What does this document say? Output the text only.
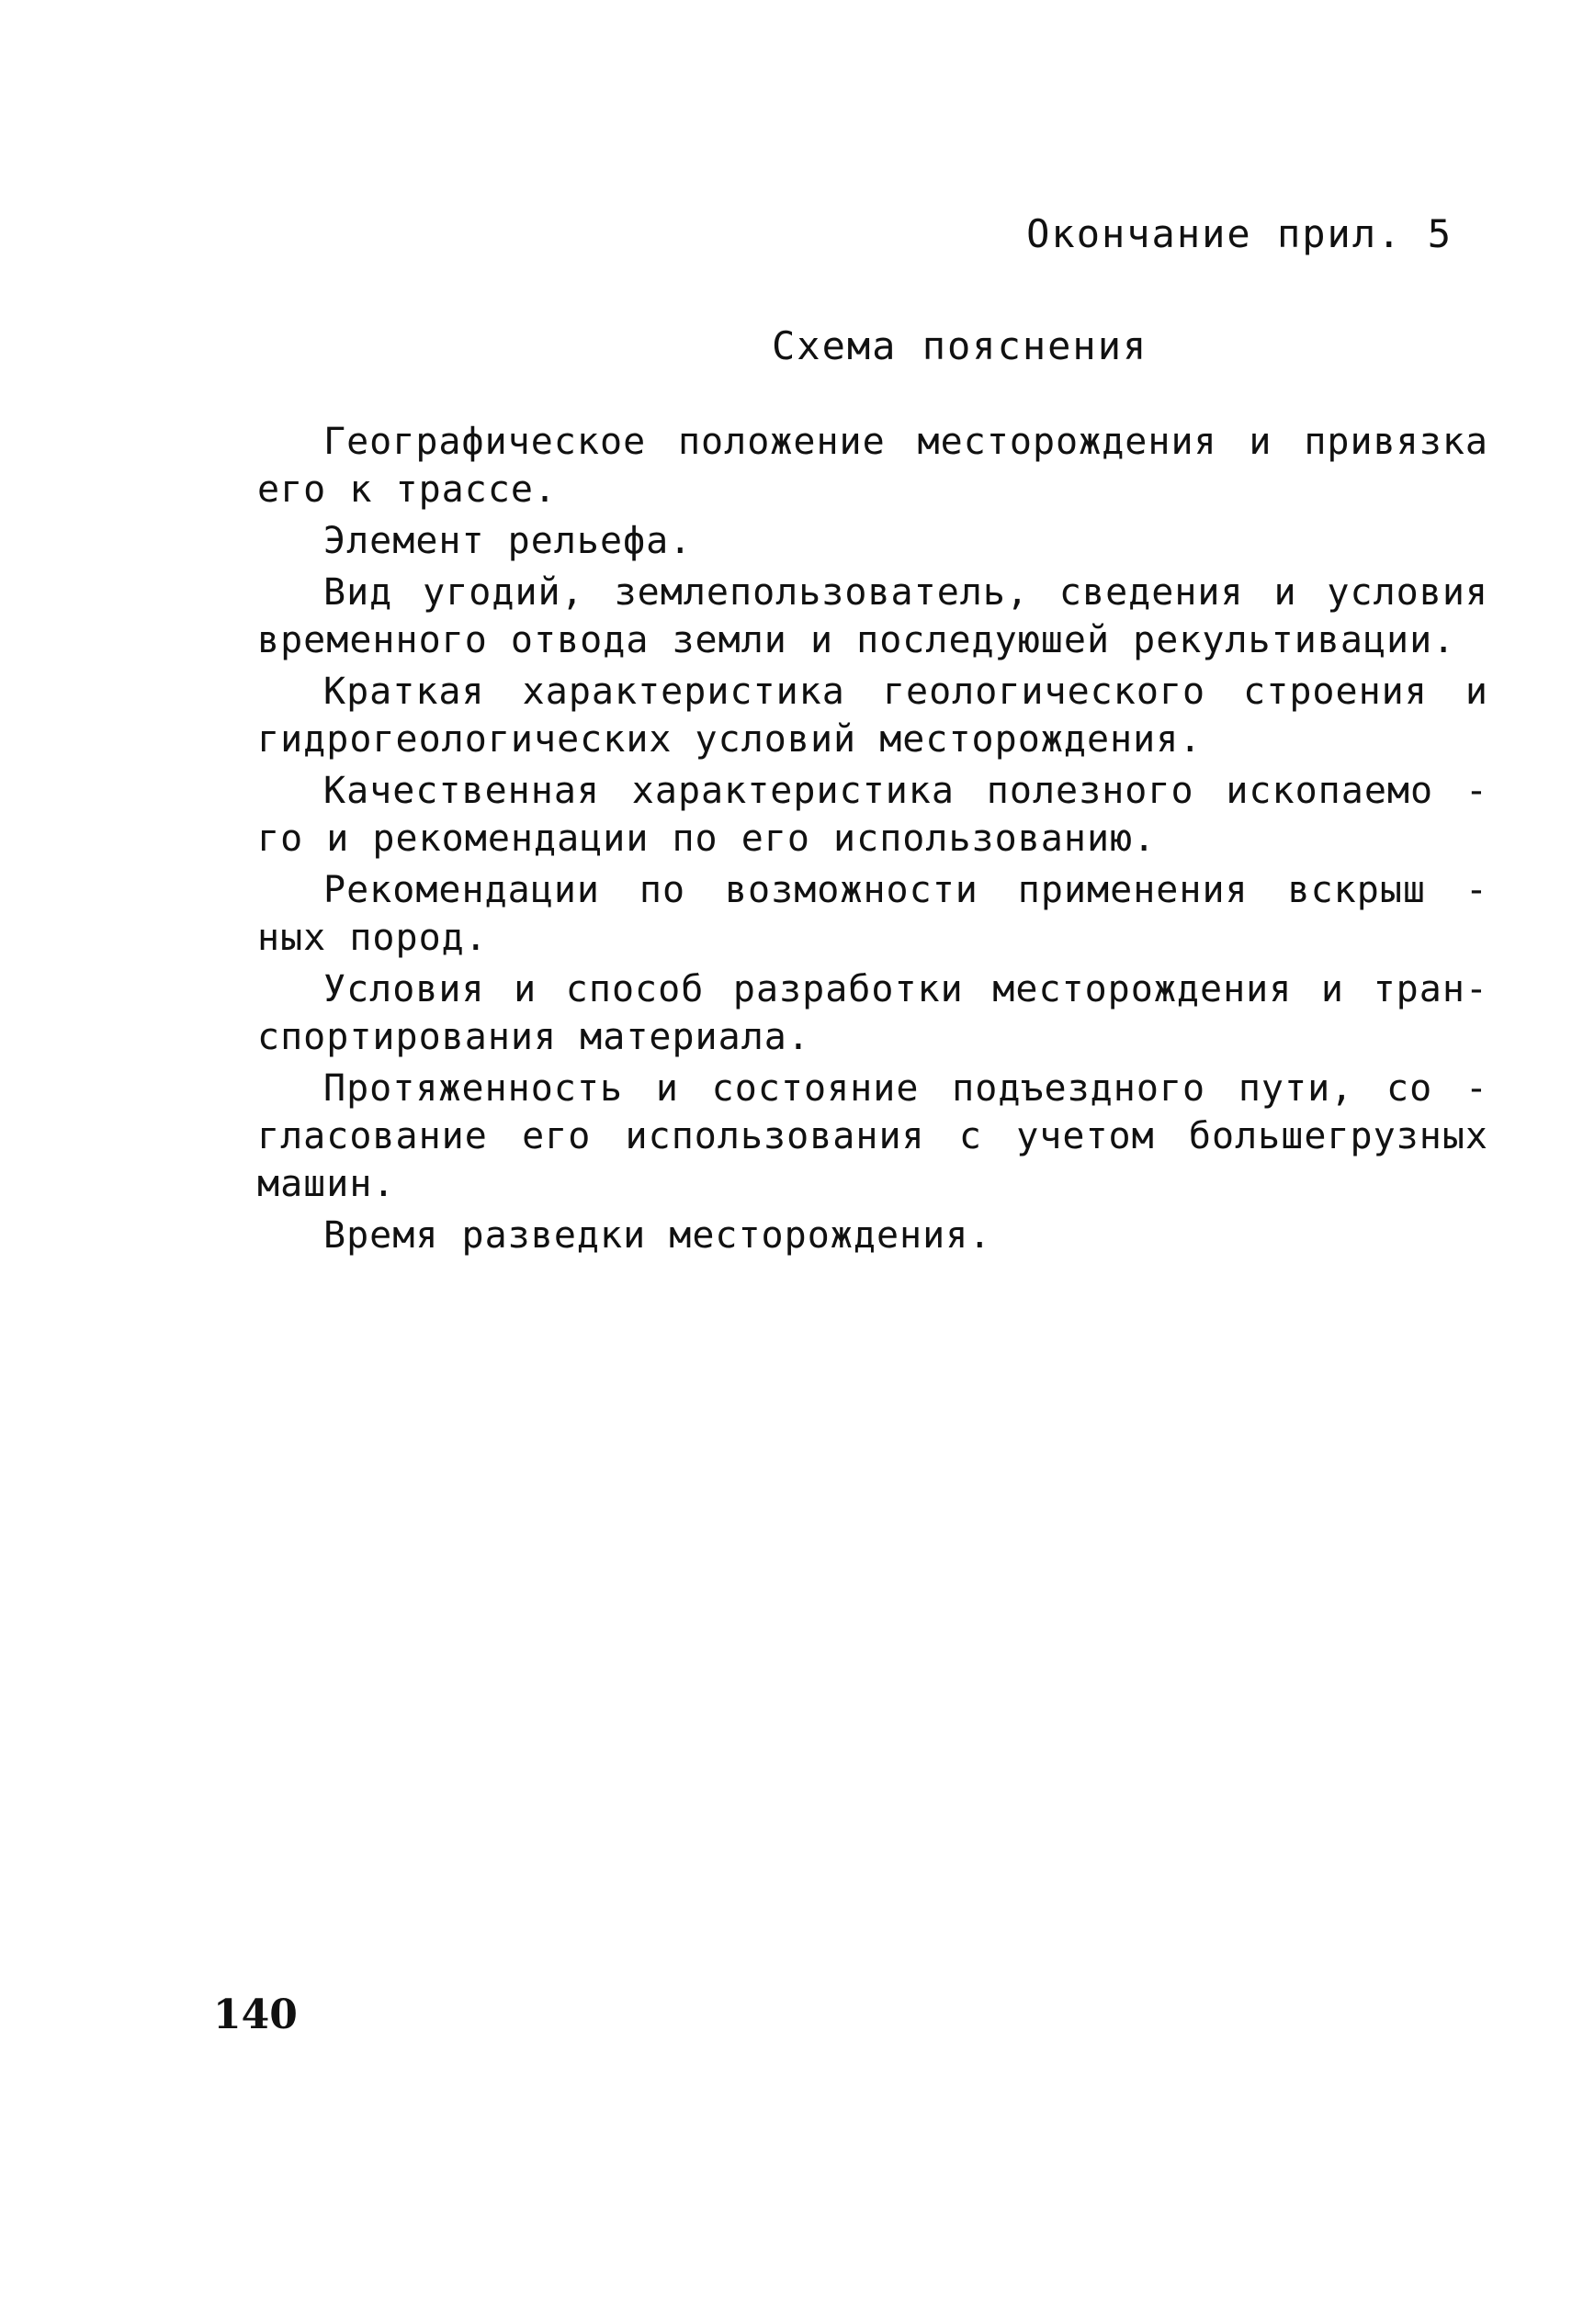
Окончание прил. 5
Схема пояснения

Географическое положение месторождения и привязка его к трассе.

Элемент рельефа.

Вид угодий, землепользователь, сведения и условия временного отвода земли и последуюшей рекультивации.

Краткая характеристика геологического строения и гидрогеологических условий месторождения.

Качественная характеристика полезного ископаемо - го и рекомендации по его использованию.

Рекомендации по возможности применения вскрыш - ных пород.

Условия и способ разработки месторождения и тран- спортирования материала.

Протяженность и состояние подъездного пути, со - гласование его использования с учетом большегрузных машин.

Время разведки месторождения.

140
